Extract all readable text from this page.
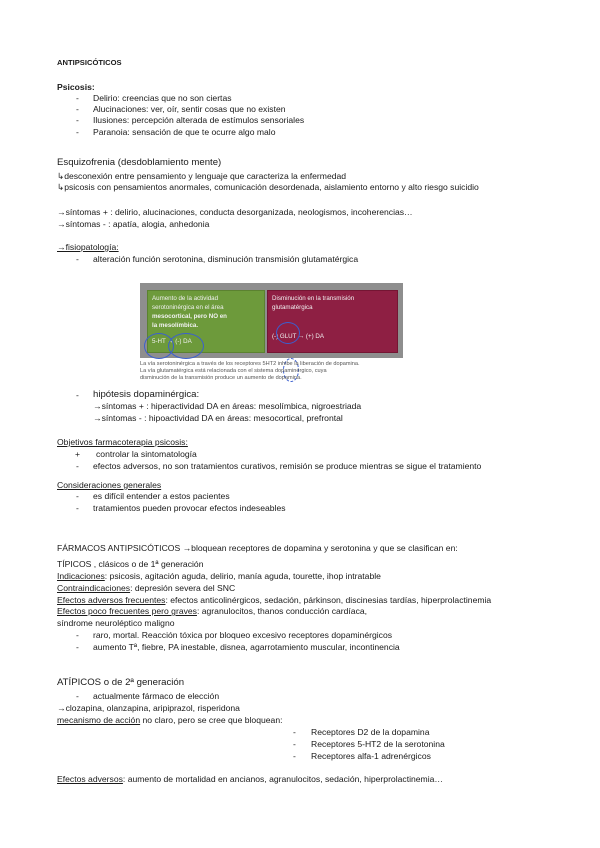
ANTIPSICÓTICOS
Psicosis:
- Delirio: creencias que no son ciertas
- Alucinaciones: ver, oír, sentir cosas que no existen
- Ilusiones: percepción alterada de estímulos sensoriales
- Paranoia: sensación de que te ocurre algo malo
Esquizofrenia (desdoblamiento mente)
↳desconexión entre pensamiento y lenguaje que caracteriza la enfermedad
↳psicosis con pensamientos anormales, comunicación desordenada, aislamiento entorno y alto riesgo suicidio
→síntomas + : delirio, alucinaciones, conducta desorganizada, neologismos, incoherencias…
→síntomas - : apatía, alogia, anhedonia
→fisiopatología:
- alteración función serotonina, disminución transmisión glutamatérgica
Aumento de la actividad
serotoninérgica en el área
mesocortical, pero NO en
la mesolímbica.
5-HT → (-) DA
Disminución en la transmisión
glutamatérgica
(-) GLUT → (+) DA
La vía serotoninérgica a través de los receptores 5HT2 inhibe la liberación de dopamina.
La vía glutamatérgica está relacionada con el sistema dopaminérgico, cuya
disminución de la transmisión produce un aumento de dopamina.
- hipótesis dopaminérgica:
→síntomas + : hiperactividad DA en áreas: mesolímbica, nigroestriada
→síntomas - : hipoactividad DA en áreas: mesocortical, prefrontal
Objetivos farmacoterapia psicosis:
+ controlar la sintomatología
- efectos adversos, no son tratamientos curativos, remisión se produce mientras se sigue el tratamiento
Consideraciones generales
- es difícil entender a estos pacientes
- tratamientos pueden provocar efectos indeseables
FÁRMACOS ANTIPSICÓTICOS →bloquean receptores de dopamina y serotonina y que se clasifican en:
TÍPICOS , clásicos o de 1ª generación
Indicaciones: psicosis, agitación aguda, delirio, manía aguda, tourette, ihop intratable
Contraindicaciones: depresión severa del SNC
Efectos adversos frecuentes: efectos anticolinérgicos, sedación, párkinson, discinesias tardías, hiperprolactinemia
Efectos poco frecuentes pero graves: agranulocitos, thanos conducción cardíaca,
síndrome neuroléptico maligno
- raro, mortal. Reacción tóxica por bloqueo excesivo receptores dopaminérgicos
- aumento Tª, fiebre, PA inestable, disnea, agarrotamiento muscular, incontinencia
ATÍPICOS o de 2ª generación
- actualmente fármaco de elección
→clozapina, olanzapina, aripiprazol, risperidona
mecanismo de acción no claro, pero se cree que bloquean:
- Receptores D2 de la dopamina
- Receptores 5-HT2 de la serotonina
- Receptores alfa-1 adrenérgicos
Efectos adversos: aumento de mortalidad en ancianos, agranulocitos, sedación, hiperprolactinemia…
